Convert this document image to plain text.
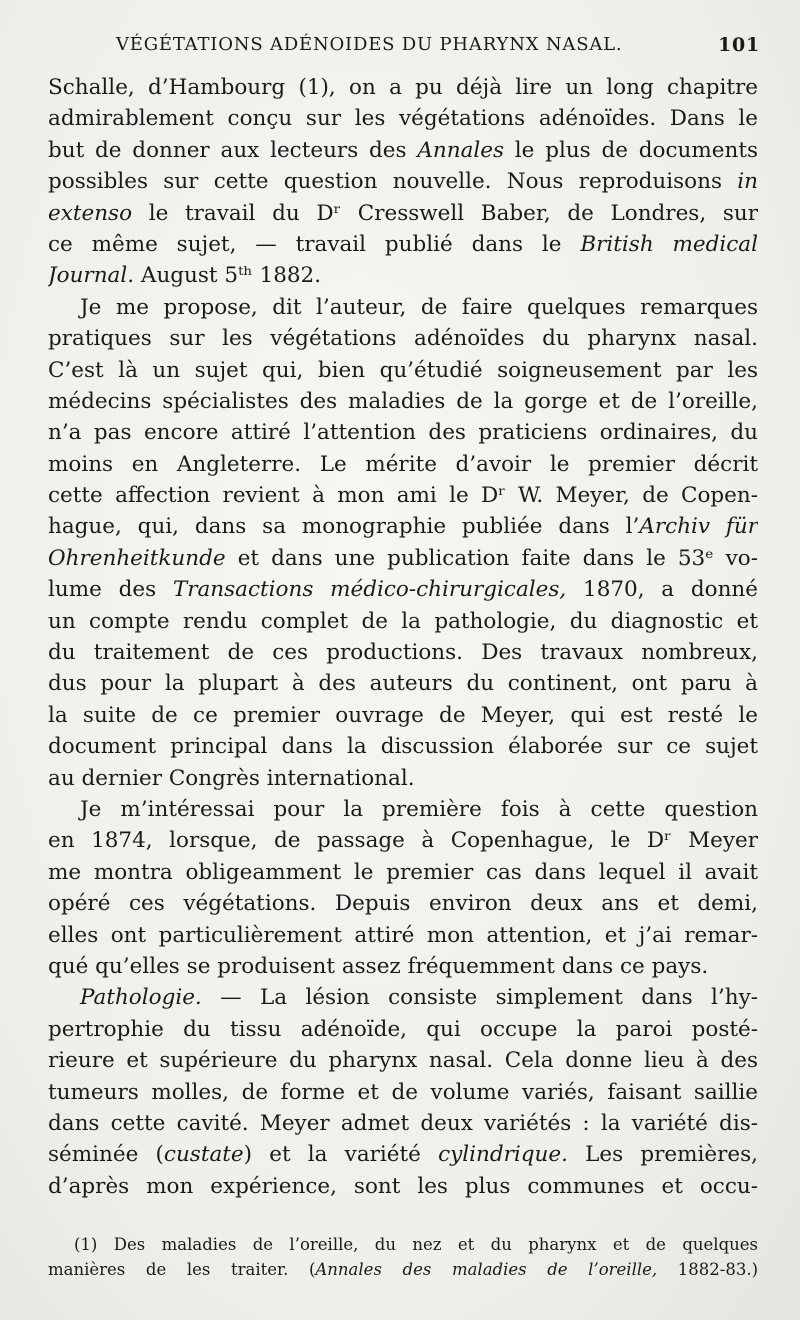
VÉGÉTATIONS ADÉNOIDES DU PHARYNX NASAL.	101
Schalle, d’Hambourg (1), on a pu déjà lire un long chapitre
admirablement conçu sur les végétations adénoïdes. Dans le
but de donner aux lecteurs des Annales le plus de documents
possibles sur cette question nouvelle. Nous reproduisons in
extenso le travail du Dʳ Cresswell Baber, de Londres, sur
ce même sujet, — travail publié dans le British medical
Journal. August 5ᵗʰ 1882.
Je me propose, dit l’auteur, de faire quelques remarques
pratiques sur les végétations adénoïdes du pharynx nasal.
C’est là un sujet qui, bien qu’étudié soigneusement par les
médecins spécialistes des maladies de la gorge et de l’oreille,
n’a pas encore attiré l’attention des praticiens ordinaires, du
moins en Angleterre. Le mérite d’avoir le premier décrit
cette affection revient à mon ami le Dʳ W. Meyer, de Copen-
hague, qui, dans sa monographie publiée dans l’Archiv für
Ohrenheitkunde et dans une publication faite dans le 53ᵉ vo-
lume des Transactions médico-chirurgicales, 1870, a donné
un compte rendu complet de la pathologie, du diagnostic et
du traitement de ces productions. Des travaux nombreux,
dus pour la plupart à des auteurs du continent, ont paru à
la suite de ce premier ouvrage de Meyer, qui est resté le
document principal dans la discussion élaborée sur ce sujet
au dernier Congrès international.
Je m’intéressai pour la première fois à cette question
en 1874, lorsque, de passage à Copenhague, le Dʳ Meyer
me montra obligeamment le premier cas dans lequel il avait
opéré ces végétations. Depuis environ deux ans et demi,
elles ont particulièrement attiré mon attention, et j’ai remar-
qué qu’elles se produisent assez fréquemment dans ce pays.
Pathologie. — La lésion consiste simplement dans l’hy-
pertrophie du tissu adénoïde, qui occupe la paroi posté-
rieure et supérieure du pharynx nasal. Cela donne lieu à des
tumeurs molles, de forme et de volume variés, faisant saillie
dans cette cavité. Meyer admet deux variétés : la variété dis-
séminée (custate) et la variété cylindrique. Les premières,
d’après mon expérience, sont les plus communes et occu-
(1) Des maladies de l’oreille, du nez et du pharynx et de quelques
manières de les traiter. (Annales des maladies de l’oreille, 1882-83.)
